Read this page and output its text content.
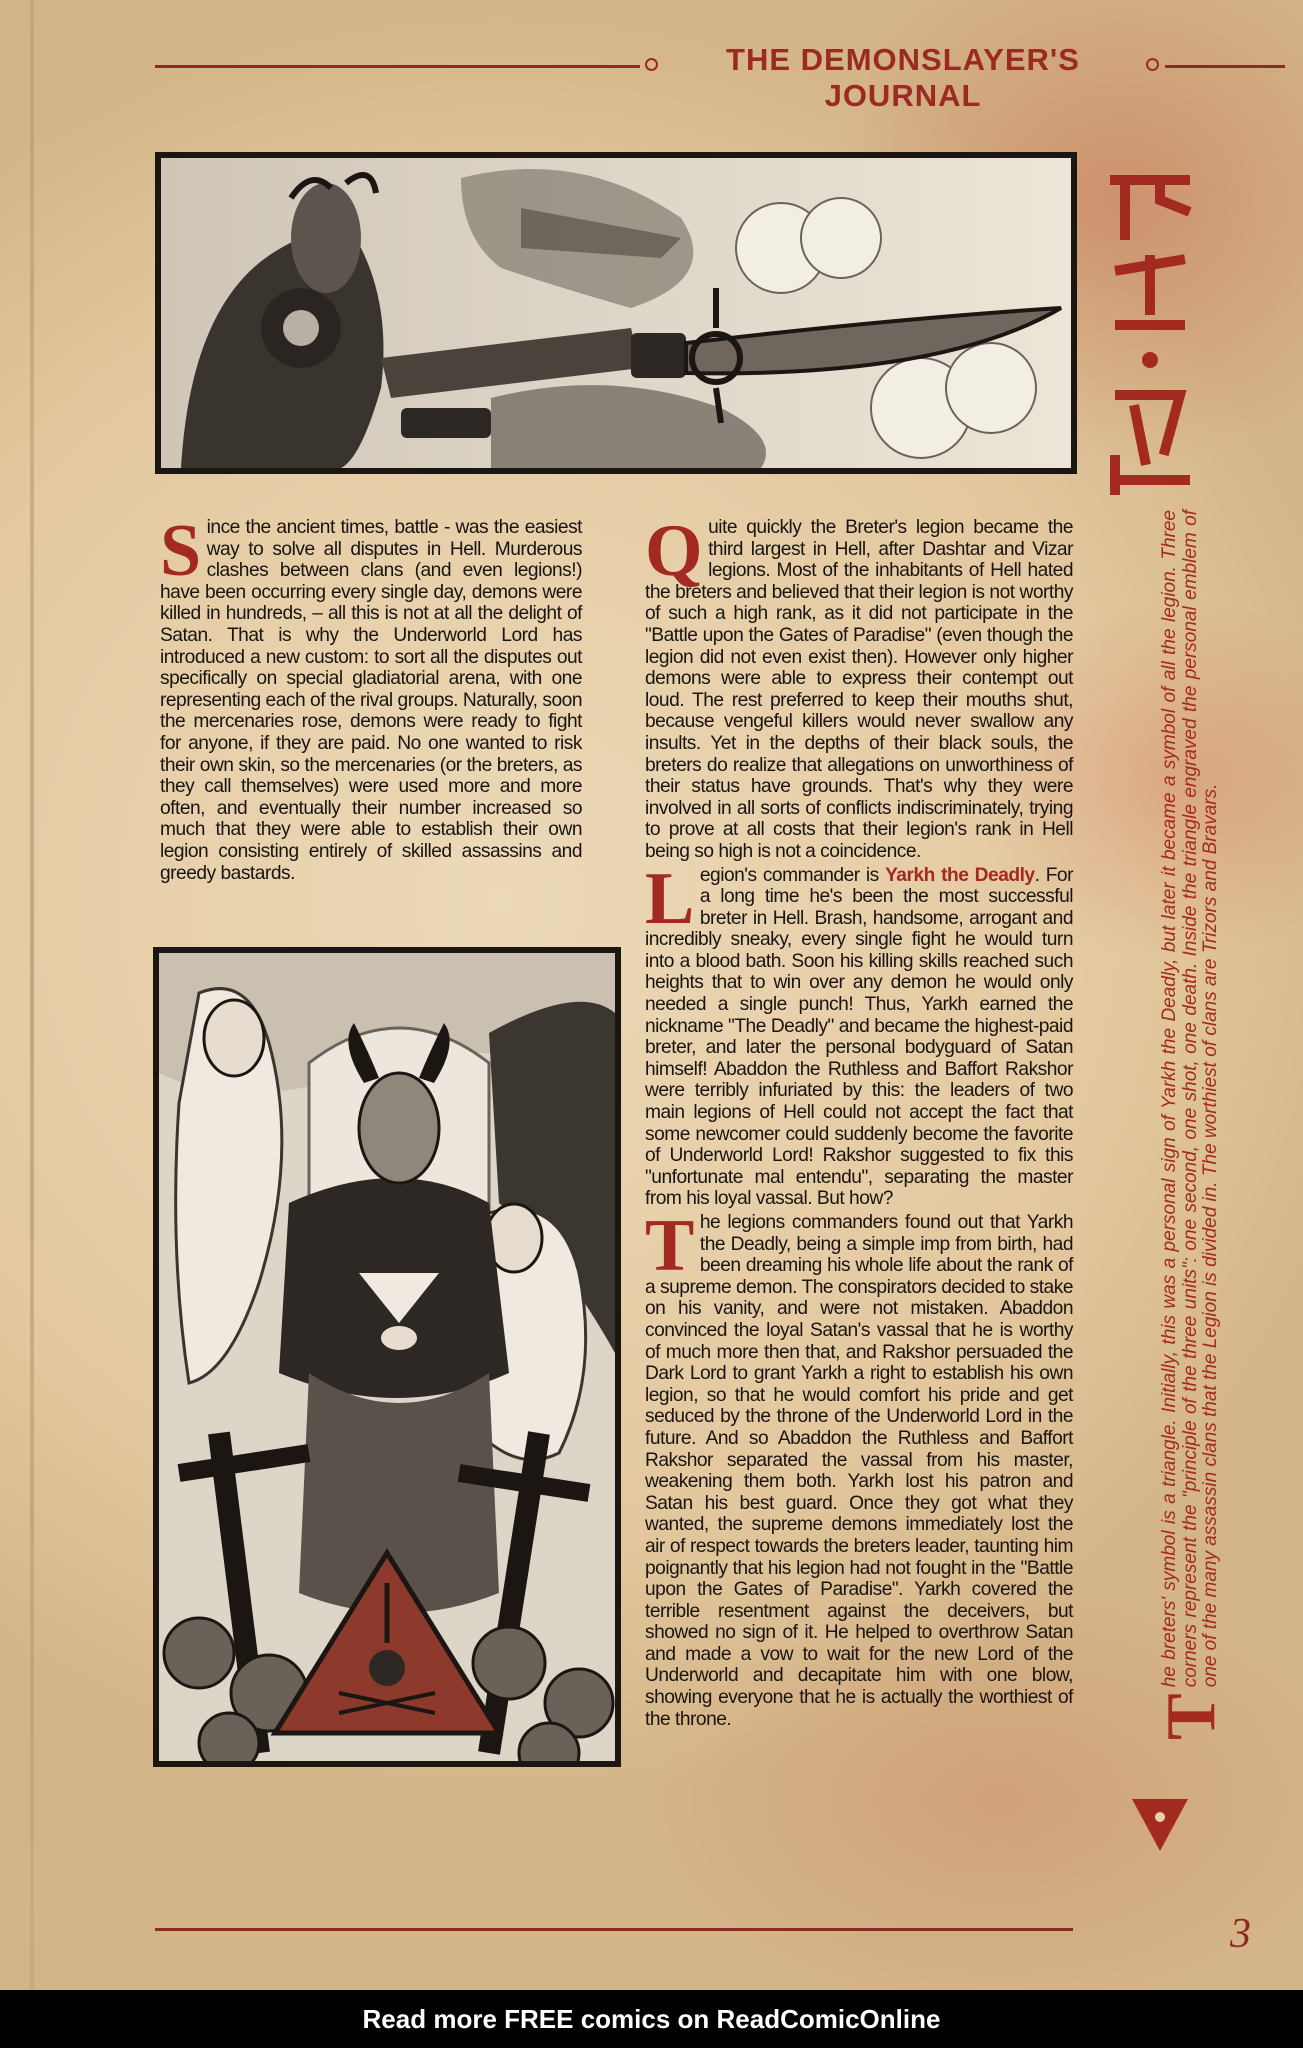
THE DEMONSLAYER'S JOURNAL

Since the ancient times, battle - was the easiest way to solve all disputes in Hell. Murderous clashes between clans (and even legions!) have been occurring every single day, demons were killed in hundreds, – all this is not at all the delight of Satan. That is why the Underworld Lord has introduced a new custom: to sort all the disputes out specifically on special gladiatorial arena, with one representing each of the rival groups. Naturally, soon the mercenaries rose, demons were ready to fight for anyone, if they are paid. No one wanted to risk their own skin, so the mercenaries (or the breters, as they call themselves) were used more and more often, and eventually their number increased so much that they were able to establish their own legion consisting entirely of skilled assassins and greedy bastards.

Quite quickly the Breter's legion became the third largest in Hell, after Dashtar and Vizar legions. Most of the inhabitants of Hell hated the breters and believed that their legion is not worthy of such a high rank, as it did not participate in the "Battle upon the Gates of Paradise" (even though the legion did not even exist then). However only higher demons were able to express their contempt out loud. The rest preferred to keep their mouths shut, because vengeful killers would never swallow any insults. Yet in the depths of their black souls, the breters do realize that allegations on unworthiness of their status have grounds. That's why they were involved in all sorts of conflicts indiscriminately, trying to prove at all costs that their legion's rank in Hell being so high is not a coincidence.

Legion's commander is Yarkh the Deadly. For a long time he's been the most successful breter in Hell. Brash, handsome, arrogant and incredibly sneaky, every single fight he would turn into a blood bath. Soon his killing skills reached such heights that to win over any demon he would only needed a single punch! Thus, Yarkh earned the nickname "The Deadly" and became the highest-paid breter, and later the personal bodyguard of Satan himself! Abaddon the Ruthless and Baffort Rakshor were terribly infuriated by this: the leaders of two main legions of Hell could not accept the fact that some newcomer could suddenly become the favorite of Underworld Lord! Rakshor suggested to fix this "unfortunate mal entendu", separating the master from his loyal vassal. But how?

The legions commanders found out that Yarkh the Deadly, being a simple imp from birth, had been dreaming his whole life about the rank of a supreme demon. The conspirators decided to stake on his vanity, and were not mistaken. Abaddon convinced the loyal Satan's vassal that he is worthy of much more then that, and Rakshor persuaded the Dark Lord to grant Yarkh a right to establish his own legion, so that he would comfort his pride and get seduced by the throne of the Underworld Lord in the future. And so Abaddon the Ruthless and Baffort Rakshor separated the vassal from his master, weakening them both. Yarkh lost his patron and Satan his best guard. Once they got what they wanted, the supreme demons immediately lost the air of respect towards the breters leader, taunting him poignantly that his legion had not fought in the "Battle upon the Gates of Paradise". Yarkh covered the terrible resentment against the deceivers, but showed no sign of it. He helped to overthrow Satan and made a vow to wait for the new Lord of the Underworld and decapitate him with one blow, showing everyone that he is actually the worthiest of the throne.	T
he breters' symbol is a triangle. Initially, this was a personal sign of Yarkh the Deadly, but later it became a symbol of all the legion. Three corners represent the "principle of the three units": one second, one shot, one death. Inside the triangle engraved the personal emblem of one of the many assassin clans that the Legion is divided in. The worthiest of clans are Trizors and Bravars.
3
Read more FREE comics on ReadComicOnline
